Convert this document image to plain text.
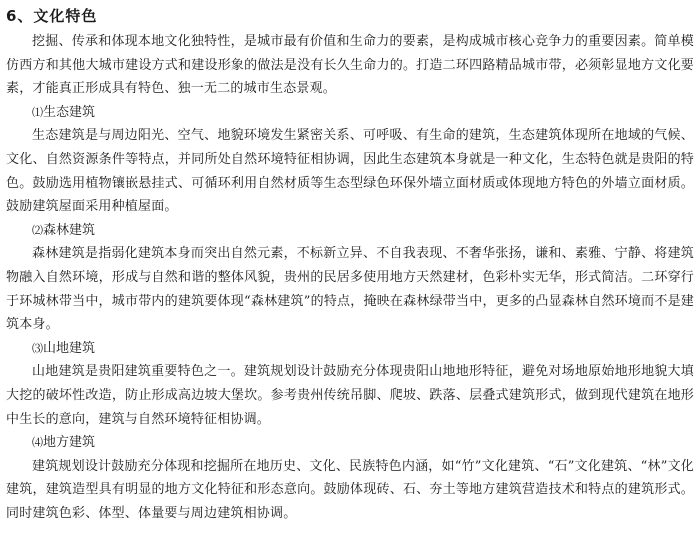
6、文化特色

挖掘、传承和体现本地文化独特性，是城市最有价值和生命力的要素，是构成城市核心竞争力的重要因素。简单模仿西方和其他大城市建设方式和建设形象的做法是没有长久生命力的。打造二环四路精品城市带，必须彰显地方文化要素，才能真正形成具有特色、独一无二的城市生态景观。

⑴生态建筑

生态建筑是与周边阳光、空气、地貌环境发生紧密关系、可呼吸、有生命的建筑，生态建筑体现所在地域的气候、文化、自然资源条件等特点，并同所处自然环境特征相协调，因此生态建筑本身就是一种文化，生态特色就是贵阳的特色。鼓励选用植物镶嵌悬挂式、可循环利用自然材质等生态型绿色环保外墙立面材质或体现地方特色的外墙立面材质。鼓励建筑屋面采用种植屋面。

⑵森林建筑

森林建筑是指弱化建筑本身而突出自然元素，不标新立异、不自我表现、不奢华张扬，谦和、素雅、宁静、将建筑物融入自然环境，形成与自然和谐的整体风貌，贵州的民居多使用地方天然建材，色彩朴实无华，形式简洁。二环穿行于环城林带当中，城市带内的建筑要体现“森林建筑”的特点，掩映在森林绿带当中，更多的凸显森林自然环境而不是建筑本身。

⑶山地建筑

山地建筑是贵阳建筑重要特色之一。建筑规划设计鼓励充分体现贵阳山地地形特征，避免对场地原始地形地貌大填大挖的破坏性改造，防止形成高边坡大堡坎。参考贵州传统吊脚、爬坡、跌落、层叠式建筑形式，做到现代建筑在地形中生长的意向，建筑与自然环境特征相协调。

⑷地方建筑

建筑规划设计鼓励充分体现和挖掘所在地历史、文化、民族特色内涵，如“竹”文化建筑、“石”文化建筑、“林”文化建筑，建筑造型具有明显的地方文化特征和形态意向。鼓励体现砖、石、夯土等地方建筑营造技术和特点的建筑形式。同时建筑色彩、体型、体量要与周边建筑相协调。
